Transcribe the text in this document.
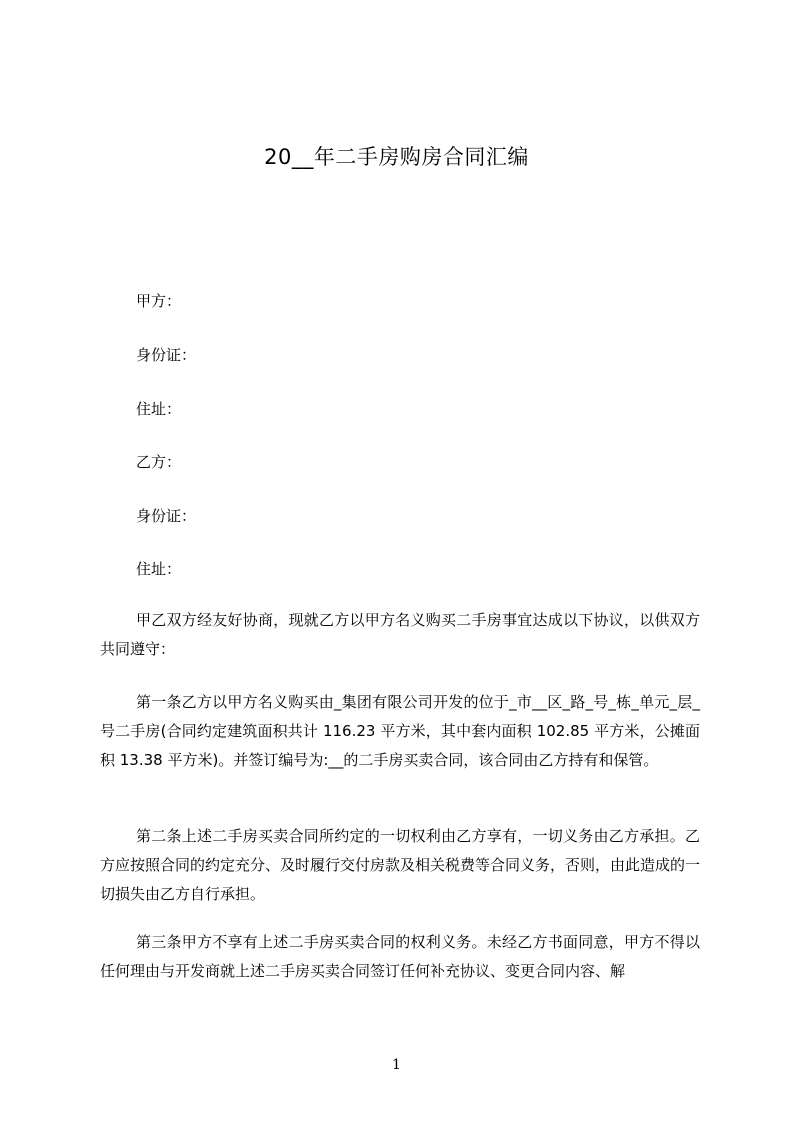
20__年二手房购房合同汇编
甲方：
身份证：
住址：
乙方：
身份证：
住址：
甲乙双方经友好协商，现就乙方以甲方名义购买二手房事宜达成以下协议，以供双方共同遵守：
第一条乙方以甲方名义购买由_集团有限公司开发的位于_市__区_路_号_栋_单元_层_号二手房(合同约定建筑面积共计 116.23 平方米，其中套内面积 102.85 平方米，公摊面积 13.38 平方米)。并签订编号为:__的二手房买卖合同，该合同由乙方持有和保管。
第二条上述二手房买卖合同所约定的一切权利由乙方享有，一切义务由乙方承担。乙方应按照合同的约定充分、及时履行交付房款及相关税费等合同义务，否则，由此造成的一切损失由乙方自行承担。
第三条甲方不享有上述二手房买卖合同的权利义务。未经乙方书面同意，甲方不得以任何理由与开发商就上述二手房买卖合同签订任何补充协议、变更合同内容、解
1
